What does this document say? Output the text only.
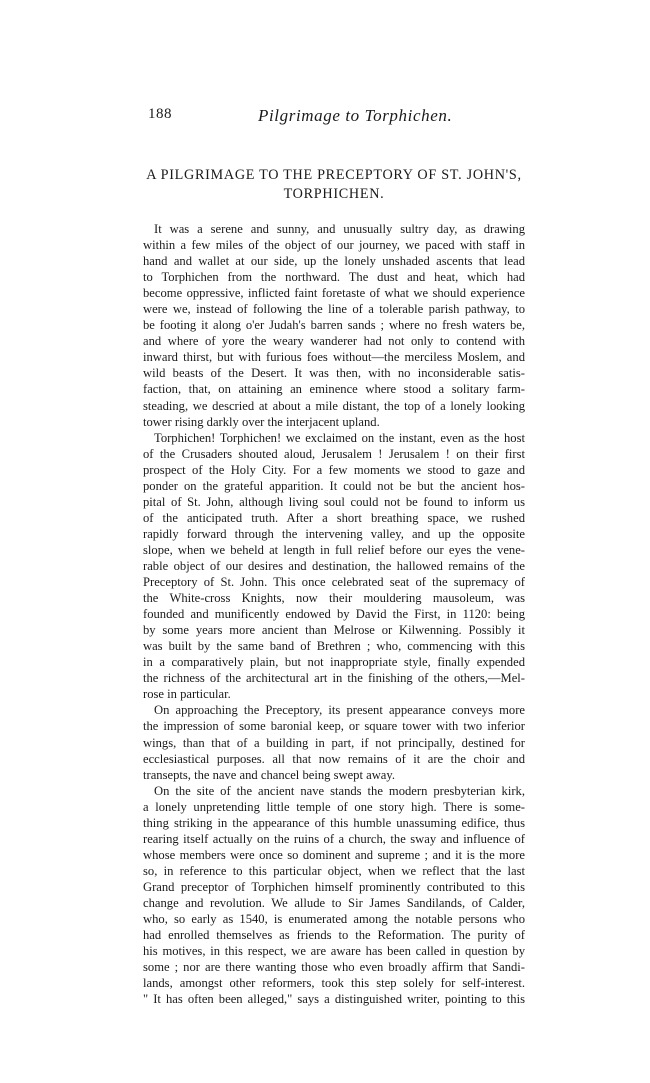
188	Pilgrimage to Torphichen.
A PILGRIMAGE TO THE PRECEPTORY OF ST. JOHN'S,
TORPHICHEN.
It was a serene and sunny, and unusually sultry day, as drawing
within a few miles of the object of our journey, we paced with staff in
hand and wallet at our side, up the lonely unshaded ascents that lead
to Torphichen from the northward. The dust and heat, which had
become oppressive, inflicted faint foretaste of what we should experience
were we, instead of following the line of a tolerable parish pathway, to
be footing it along o'er Judah's barren sands ; where no fresh waters be,
and where of yore the weary wanderer had not only to contend with
inward thirst, but with furious foes without—the merciless Moslem, and
wild beasts of the Desert. It was then, with no inconsiderable satis-
faction, that, on attaining an eminence where stood a solitary farm-
steading, we descried at about a mile distant, the top of a lonely looking
tower rising darkly over the interjacent upland.
Torphichen! Torphichen! we exclaimed on the instant, even as the host
of the Crusaders shouted aloud, Jerusalem ! Jerusalem ! on their first
prospect of the Holy City. For a few moments we stood to gaze and
ponder on the grateful apparition. It could not be but the ancient hos-
pital of St. John, although living soul could not be found to inform us
of the anticipated truth. After a short breathing space, we rushed
rapidly forward through the intervening valley, and up the opposite
slope, when we beheld at length in full relief before our eyes the vene-
rable object of our desires and destination, the hallowed remains of the
Preceptory of St. John. This once celebrated seat of the supremacy of
the White-cross Knights, now their mouldering mausoleum, was
founded and munificently endowed by David the First, in 1120: being
by some years more ancient than Melrose or Kilwenning. Possibly it
was built by the same band of Brethren ; who, commencing with this
in a comparatively plain, but not inappropriate style, finally expended
the richness of the architectural art in the finishing of the others,—Mel-
rose in particular.
On approaching the Preceptory, its present appearance conveys more
the impression of some baronial keep, or square tower with two inferior
wings, than that of a building in part, if not principally, destined for
ecclesiastical purposes. all that now remains of it are the choir and
transepts, the nave and chancel being swept away.
On the site of the ancient nave stands the modern presbyterian kirk,
a lonely unpretending little temple of one story high. There is some-
thing striking in the appearance of this humble unassuming edifice, thus
rearing itself actually on the ruins of a church, the sway and influence of
whose members were once so dominent and supreme ; and it is the more
so, in reference to this particular object, when we reflect that the last
Grand preceptor of Torphichen himself prominently contributed to this
change and revolution. We allude to Sir James Sandilands, of Calder,
who, so early as 1540, is enumerated among the notable persons who
had enrolled themselves as friends to the Reformation. The purity of
his motives, in this respect, we are aware has been called in question by
some ; nor are there wanting those who even broadly affirm that Sandi-
lands, amongst other reformers, took this step solely for self-interest.
" It has often been alleged," says a distinguished writer, pointing to this
